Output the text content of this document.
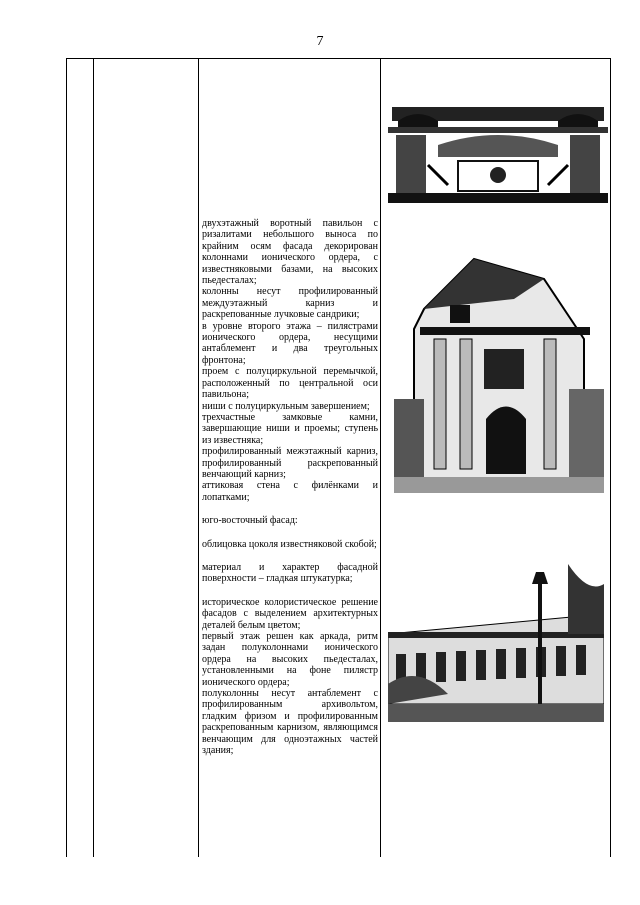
7

двухэтажный воротный павильон с ризалитами небольшого выноса по крайним осям фасада декорирован колоннами ионического ордера, с известняковыми базами, на высоких пьедесталах;

колонны несут профилированный междуэтажный карниз и раскрепованные лучковые сандрики;

в уровне второго этажа – пилястрами ионического ордера, несущими антаблемент и два треугольных фронтона;

проем с полуциркульной перемычкой, расположенный по центральной оси павильона;

ниши с полуциркульным завершением;

трехчастные замковые камни, завершающие ниши и проемы; ступень из известняка;

профилированный межэтажный карниз, профилированный раскрепованный венчающий карниз;

аттиковая стена с филёнками и лопатками;

юго-восточный фасад:

облицовка цоколя известняковой скобой;

материал и характер фасадной поверхности – гладкая штукатурка;

историческое колористическое решение фасадов с выделением архитектурных деталей белым цветом;

первый этаж решен как аркада, ритм задан полуколоннами ионического ордера на высоких пьедесталах, установленными на фоне пилястр ионического ордера;

полуколонны несут антаблемент с профилированным архивольтом, гладким фризом и профилированным раскрепованным карнизом, являющимся венчающим для одноэтажных частей здания;
